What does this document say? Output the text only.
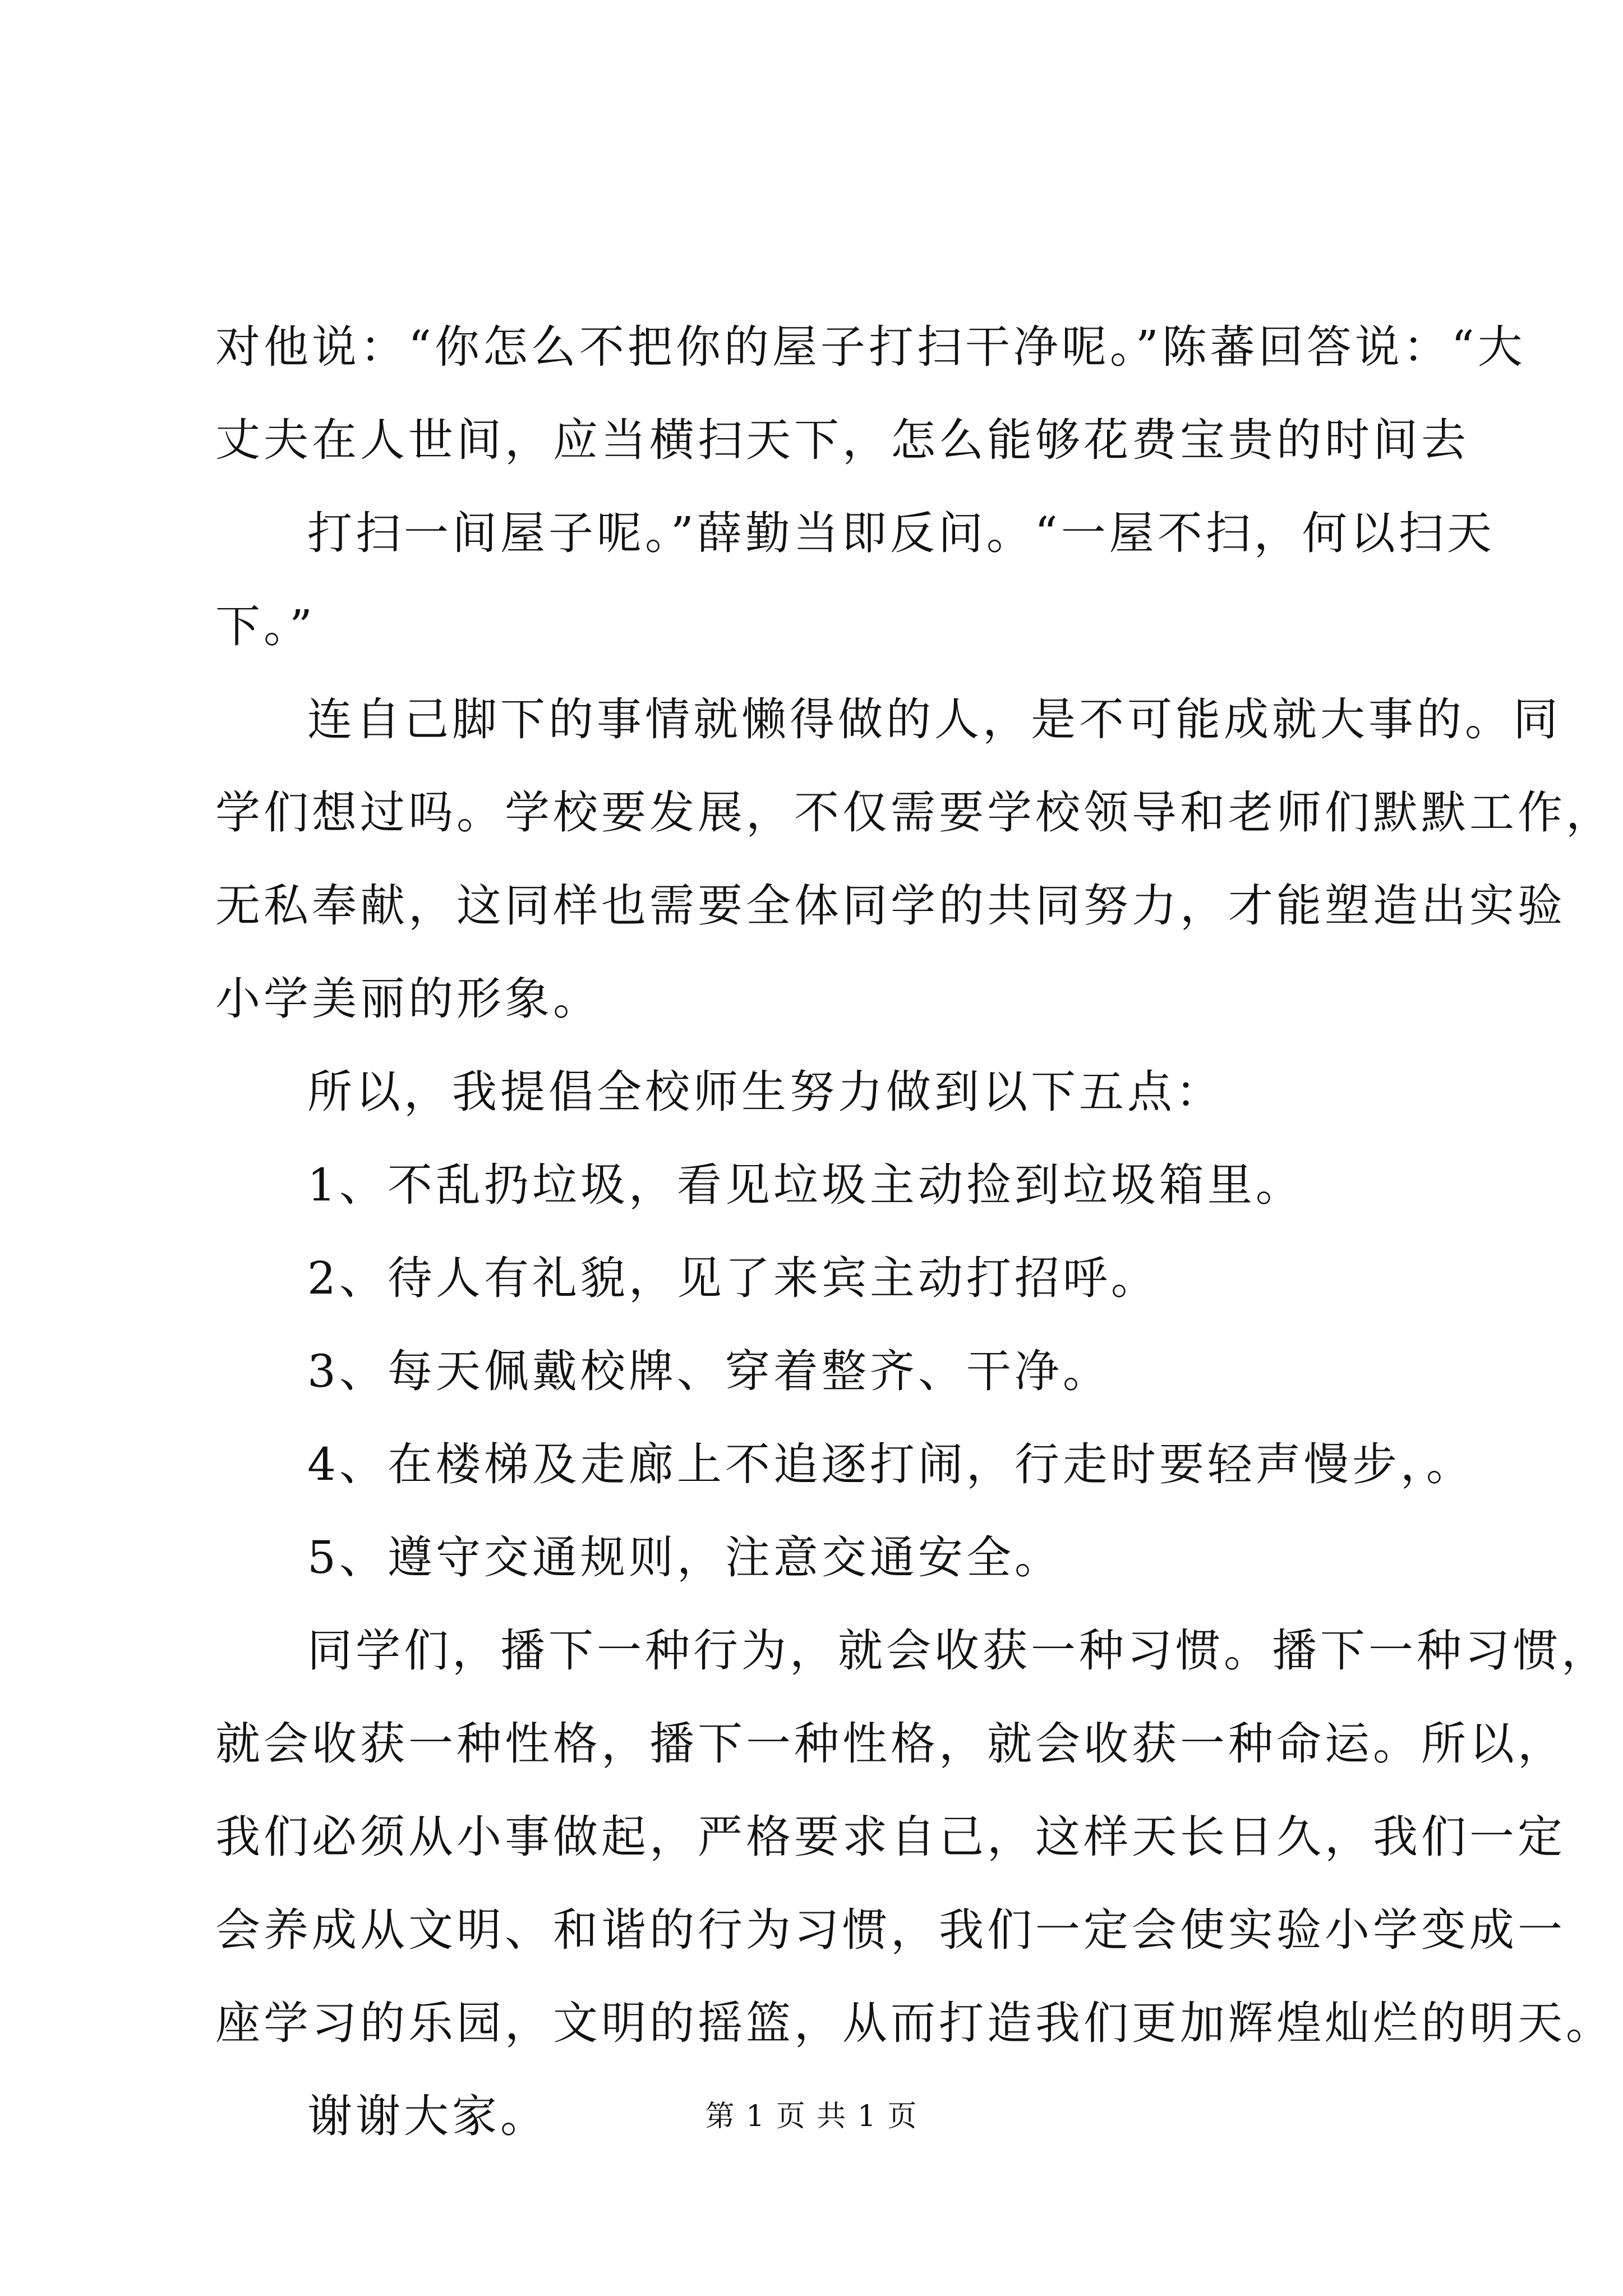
对他说：“你怎么不把你的屋子打扫干净呢。”陈蕃回答说：“大
丈夫在人世间，应当横扫天下，怎么能够花费宝贵的时间去
打扫一间屋子呢。”薛勤当即反问。“一屋不扫，何以扫天
下。”
连自己脚下的事情就懒得做的人，是不可能成就大事的。同
学们想过吗。学校要发展，不仅需要学校领导和老师们默默工作，
无私奉献，这同样也需要全体同学的共同努力，才能塑造出实验
小学美丽的形象。
所以，我提倡全校师生努力做到以下五点：
1、不乱扔垃圾，看见垃圾主动捡到垃圾箱里。
2、待人有礼貌，见了来宾主动打招呼。
3、每天佩戴校牌、穿着整齐、干净。
4、在楼梯及走廊上不追逐打闹，行走时要轻声慢步，。
5、遵守交通规则，注意交通安全。
同学们，播下一种行为，就会收获一种习惯。播下一种习惯，
就会收获一种性格，播下一种性格，就会收获一种命运。所以，
我们必须从小事做起，严格要求自己，这样天长日久，我们一定
会养成从文明、和谐的行为习惯，我们一定会使实验小学变成一
座学习的乐园，文明的摇篮，从而打造我们更加辉煌灿烂的明天。
谢谢大家。	第 1 页 共 1 页
